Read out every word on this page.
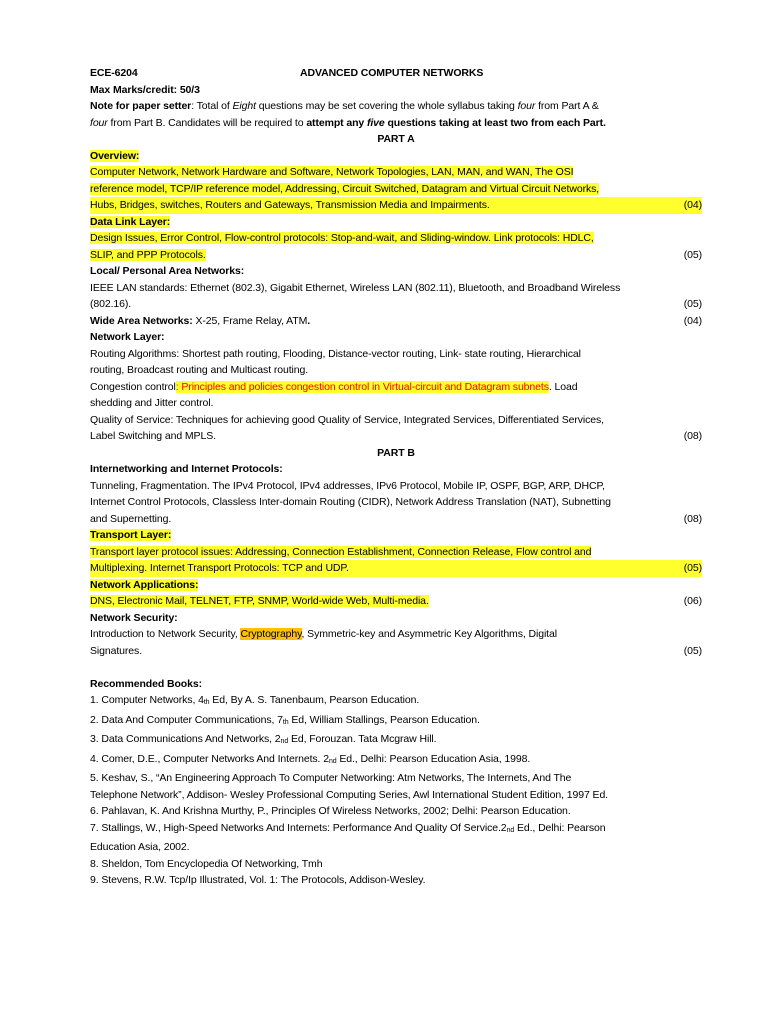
ECE-6204	ADVANCED COMPUTER NETWORKS
Max Marks/credit: 50/3
Note for paper setter: Total of Eight questions may be set covering the whole syllabus taking four from Part A &
four from Part B. Candidates will be required to attempt any five questions taking at least two from each Part.
PART A
Overview:
Computer Network, Network Hardware and Software, Network Topologies, LAN, MAN, and WAN, The OSI
reference model, TCP/IP reference model, Addressing, Circuit Switched, Datagram and Virtual Circuit Networks,
Hubs, Bridges, switches, Routers and Gateways, Transmission Media and Impairments.	(04)
Data Link Layer:
Design Issues, Error Control, Flow-control protocols: Stop-and-wait, and Sliding-window. Link protocols: HDLC,
SLIP, and PPP Protocols.	(05)
Local/ Personal Area Networks:
IEEE LAN standards: Ethernet (802.3), Gigabit Ethernet, Wireless LAN (802.11), Bluetooth, and Broadband Wireless
(802.16).	(05)
Wide Area Networks: X-25, Frame Relay, ATM.	(04)
Network Layer:
Routing Algorithms: Shortest path routing, Flooding, Distance-vector routing, Link- state routing, Hierarchical
routing, Broadcast routing and Multicast routing.
Congestion control: Principles and policies congestion control in Virtual-circuit and Datagram subnets. Load
shedding and Jitter control.
Quality of Service: Techniques for achieving good Quality of Service, Integrated Services, Differentiated Services,
Label Switching and MPLS.	(08)
PART B
Internetworking and Internet Protocols:
Tunneling, Fragmentation. The IPv4 Protocol, IPv4 addresses, IPv6 Protocol, Mobile IP, OSPF, BGP, ARP, DHCP,
Internet Control Protocols, Classless Inter-domain Routing (CIDR), Network Address Translation (NAT), Subnetting
and Supernetting.	(08)
Transport Layer:
Transport layer protocol issues: Addressing, Connection Establishment, Connection Release, Flow control and
Multiplexing. Internet Transport Protocols: TCP and UDP.	(05)
Network Applications:
DNS, Electronic Mail, TELNET, FTP, SNMP, World-wide Web, Multi-media.	(06)
Network Security:
Introduction to Network Security, Cryptography, Symmetric-key and Asymmetric Key Algorithms, Digital
Signatures.	(05)
Recommended Books:
1. Computer Networks, $4_{th}$ Ed, By A. S. Tanenbaum, Pearson Education.
2. Data And Computer Communications, $7_{th}$ Ed, William Stallings, Pearson Education.
3. Data Communications And Networks, $2_{nd}$ Ed, Forouzan. Tata Mcgraw Hill.
4. Comer, D.E., Computer Networks And Internets. $2_{nd}$ Ed., Delhi: Pearson Education Asia, 1998.
5. Keshav, S., “An Engineering Approach To Computer Networking: Atm Networks, The Internets, And The
Telephone Network”, Addison- Wesley Professional Computing Series, Awl International Student Edition, 1997 Ed.
6. Pahlavan, K. And Krishna Murthy, P., Principles Of Wireless Networks, 2002; Delhi: Pearson Education.
7. Stallings, W., High-Speed Networks And Internets: Performance And Quality Of $Service.2_{nd}$ Ed., Delhi: Pearson
Education Asia, 2002.
8. Sheldon, Tom Encyclopedia Of Networking, Tmh
9. Stevens, R.W. Tcp/Ip Illustrated, Vol. 1: The Protocols, Addison-Wesley.
